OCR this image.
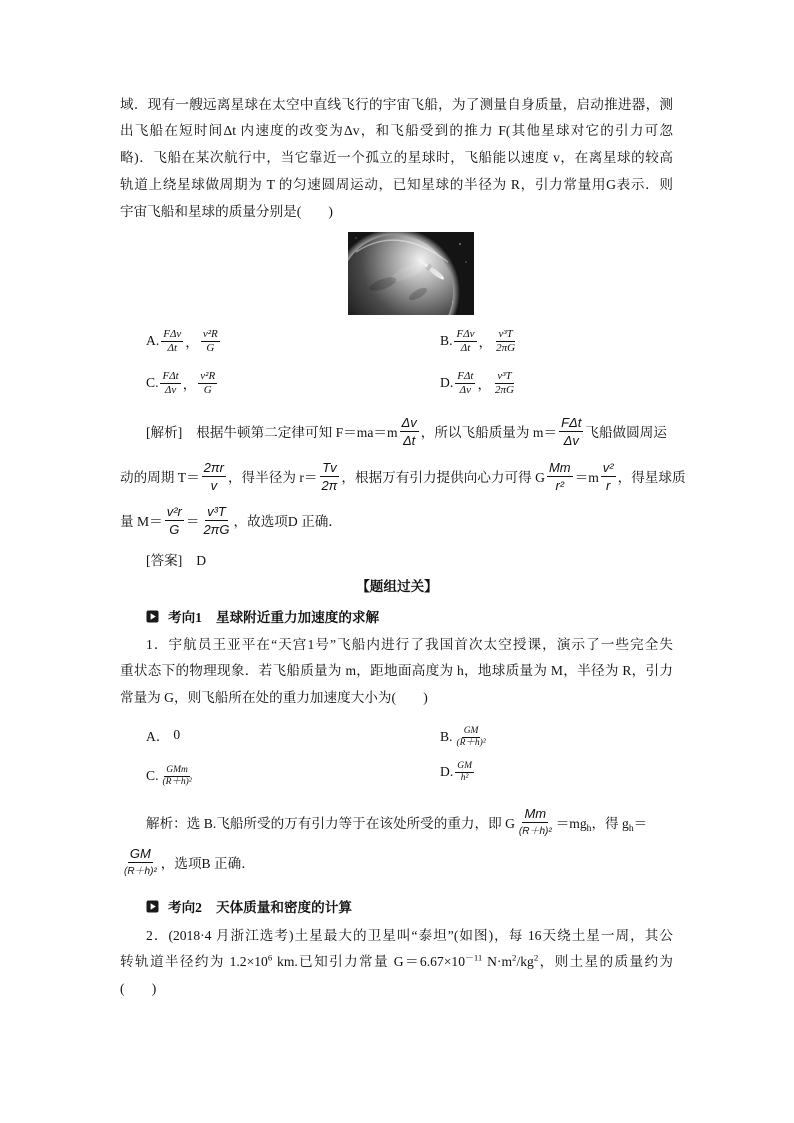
域．现有一艘远离星球在太空中直线飞行的宇宙飞船，为了测量自身质量，启动推进器，测
出飞船在短时间Δt 内速度的改变为Δv，和飞船受到的推力 F(其他星球对它的引力可忽
略)．飞船在某次航行中，当它靠近一个孤立的星球时，飞船能以速度 v，在离星球的较高
轨道上绕星球做周期为 T 的匀速圆周运动，已知星球的半径为 R，引力常量用G表示．则
宇宙飞船和星球的质量分别是(　　)
A. $\frac{\text{FΔv}}{\Delta t}$ ， $\frac{\text{v²R}}{G}$	B. $\frac{\text{FΔv}}{\Delta t}$ ， $\frac{\text{v³T}}{2\pi G}$
C. $\frac{\text{FΔt}}{\Delta v}$ ， $\frac{\text{v²R}}{G}$	D. $\frac{\text{FΔt}}{\Delta v}$ ， $\frac{\text{v³T}}{2\pi G}$
[解析] 根据牛顿第二定律可知 $F=ma=m \frac{\Delta v}{\Delta t}$ ，所以飞船质量为 $m= \frac{\text{FΔt}}{\Delta v}$ 飞船做圆周运
动的周期 $T= \frac{2\pi r}{v}$ ，得半径为 $r= \frac{Tv}{2\pi}$ ，根据万有引力提供向心力可得 G $\frac{Mm}{\text{r²}} =m \frac{\text{v²}}{r}$ ，得星球质
量 $M= \frac{\text{v²r}}{G} = \frac{\text{v³T}}{2\pi G}$ ，故选项D 正确．
[答案] D
【题组过关】
考向1 星球附近重力加速度的求解
1．宇航员王亚平在“天宫1号”飞船内进行了我国首次太空授课，演示了一些完全失
重状态下的物理现象．若飞船质量为 m，距地面高度为 h，地球质量为 M，半径为 R，引力
常量为 G，则飞船所在处的重力加速度大小为(　　)
A． 0	B. $\frac{GM}{\text{(R＋h)²}}$
C. $\frac{\text{GMm}}{\text{(R＋h)²}}$	D. $\frac{GM}{\text{h²}}$
解析：选 B.飞船所受的万有引力等于在该处所受的重力，即 G $\frac{Mm}{\text{(R＋h)²}} =mg_h$，得 $g_h=$
$\frac{GM}{\text{(R＋h)²}}$ ，选项B 正确．
考向2 天体质量和密度的计算
2．(2018·4 月浙江选考)土星最大的卫星叫“泰坦”(如图)，每 16天绕土星一周，其公
转轨道半径约为 $1.2\times 10^6$ km.已知引力常量 $G=6.67\times 10^{-11}$ $N\cdot m^2/kg^2$，则土星的质量约为
(　　)
